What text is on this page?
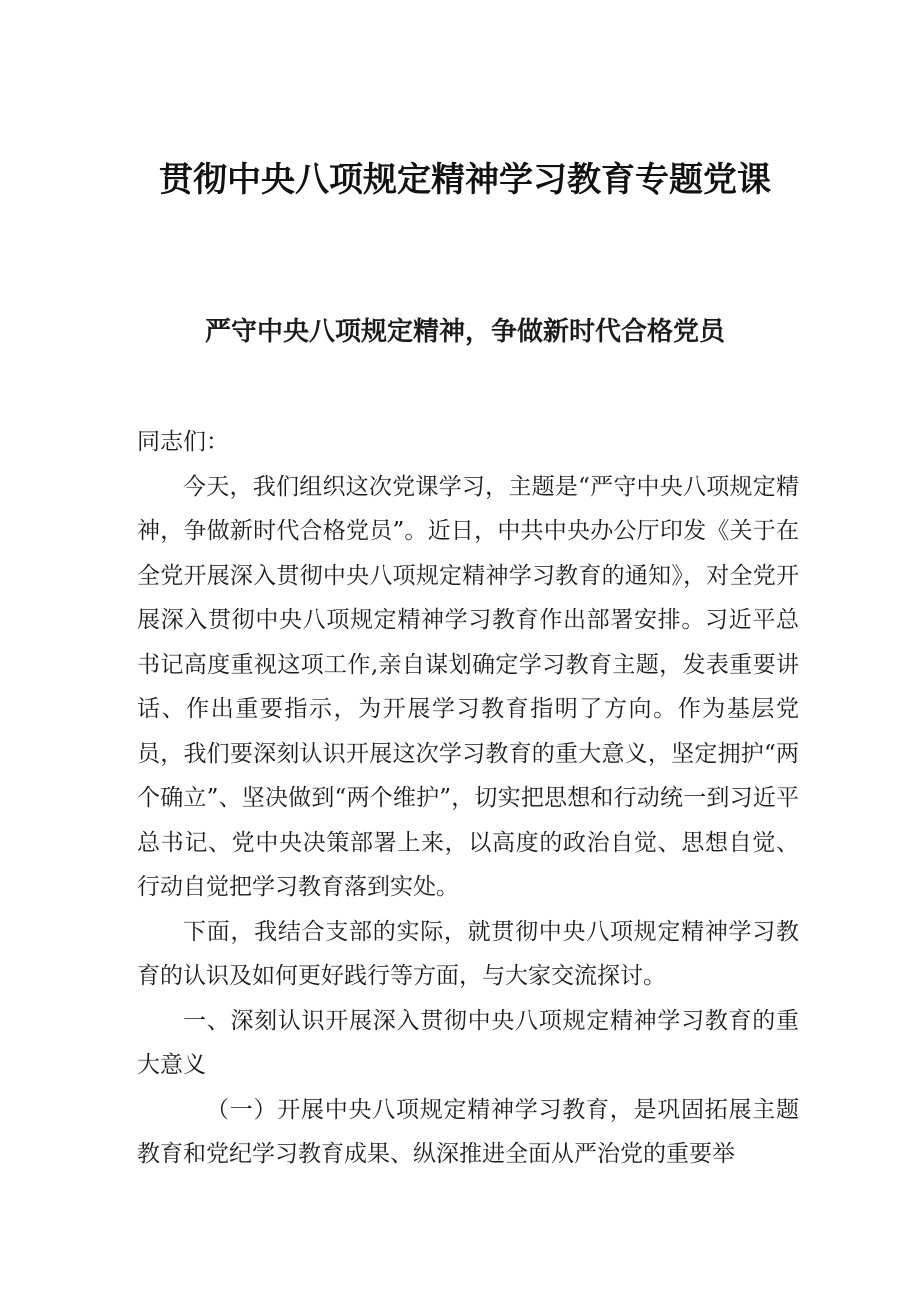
贯彻中央八项规定精神学习教育专题党课
严守中央八项规定精神，争做新时代合格党员

同志们：

今天，我们组织这次党课学习，主题是“严守中央八项规定精神，争做新时代合格党员”。近日，中共中央办公厅印发《关于在全党开展深入贯彻中央八项规定精神学习教育的通知》，对全党开展深入贯彻中央八项规定精神学习教育作出部署安排。习近平总书记高度重视这项工作,亲自谋划确定学习教育主题，发表重要讲话、作出重要指示，为开展学习教育指明了方向。作为基层党员，我们要深刻认识开展这次学习教育的重大意义，坚定拥护“两个确立”、坚决做到“两个维护”，切实把思想和行动统一到习近平总书记、党中央决策部署上来，以高度的政治自觉、思想自觉、行动自觉把学习教育落到实处。

下面，我结合支部的实际，就贯彻中央八项规定精神学习教育的认识及如何更好践行等方面，与大家交流探讨。

一、深刻认识开展深入贯彻中央八项规定精神学习教育的重大意义

（一）开展中央八项规定精神学习教育，是巩固拓展主题教育和党纪学习教育成果、纵深推进全面从严治党的重要举
